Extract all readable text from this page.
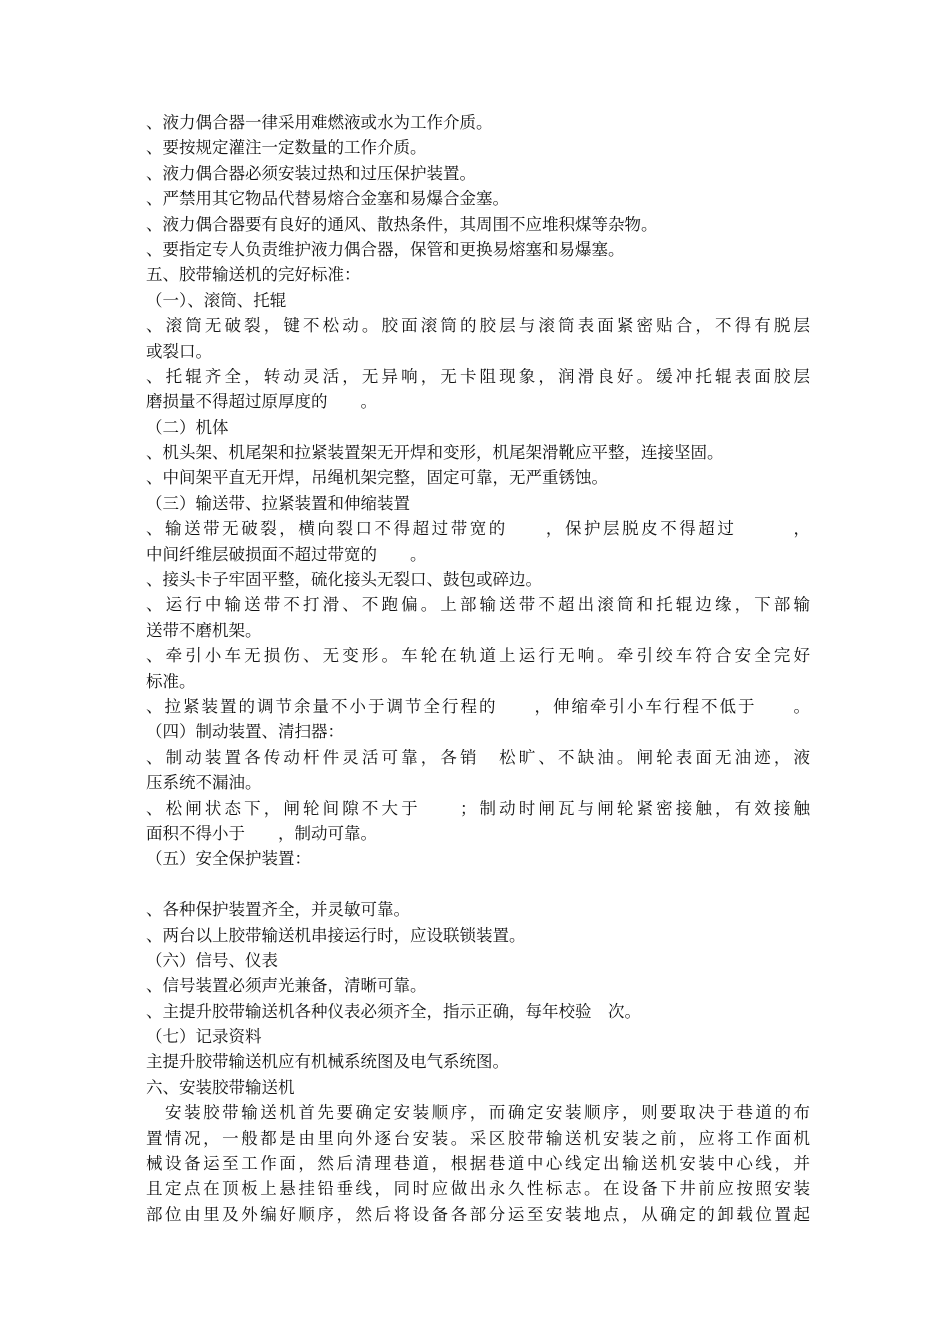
、液力偶合器一律采用难燃液或水为工作介质。
、要按规定灌注一定数量的工作介质。
、液力偶合器必须安装过热和过压保护装置。
、严禁用其它物品代替易熔合金塞和易爆合金塞。
、液力偶合器要有良好的通风、散热条件，其周围不应堆积煤等杂物。
、要指定专人负责维护液力偶合器，保管和更换易熔塞和易爆塞。
五、胶带输送机的完好标准：
（一）、滚筒、托辊
、滚筒无破裂，键不松动。胶面滚筒的胶层与滚筒表面紧密贴合，不得有脱层
或裂口。
、托辊齐全，转动灵活，无异响，无卡阻现象，润滑良好。缓冲托辊表面胶层
磨损量不得超过原厚度的　　。
（二）机体
、机头架、机尾架和拉紧装置架无开焊和变形，机尾架滑靴应平整，连接坚固。
、中间架平直无开焊，吊绳机架完整，固定可靠，无严重锈蚀。
（三）输送带、拉紧装置和伸缩装置
、输送带无破裂，横向裂口不得超过带宽的　　，保护层脱皮不得超过　　　，
中间纤维层破损面不超过带宽的　　。
、接头卡子牢固平整，硫化接头无裂口、鼓包或碎边。
、运行中输送带不打滑、不跑偏。上部输送带不超出滚筒和托辊边缘，下部输
送带不磨机架。
、牵引小车无损伤、无变形。车轮在轨道上运行无响。牵引绞车符合安全完好
标准。
、拉紧装置的调节余量不小于调节全行程的　　，伸缩牵引小车行程不低于　　。
（四）制动装置、清扫器：
、制动装置各传动杆件灵活可靠，各销　松旷、不缺油。闸轮表面无油迹，液
压系统不漏油。
、松闸状态下，闸轮间隙不大于　　；制动时闸瓦与闸轮紧密接触，有效接触
面积不得小于　　，制动可靠。
（五）安全保护装置：
、各种保护装置齐全，并灵敏可靠。
、两台以上胶带输送机串接运行时，应设联锁装置。
（六）信号、仪表
、信号装置必须声光兼备，清晰可靠。
、主提升胶带输送机各种仪表必须齐全，指示正确，每年校验　次。
（七）记录资料
主提升胶带输送机应有机械系统图及电气系统图。
六、安装胶带输送机
　安装胶带输送机首先要确定安装顺序，而确定安装顺序，则要取决于巷道的布
置情况，一般都是由里向外逐台安装。采区胶带输送机安装之前，应将工作面机
械设备运至工作面，然后清理巷道，根据巷道中心线定出输送机安装中心线，并
且定点在顶板上悬挂铅垂线，同时应做出永久性标志。在设备下井前应按照安装
部位由里及外编好顺序，然后将设备各部分运至安装地点，从确定的卸载位置起
